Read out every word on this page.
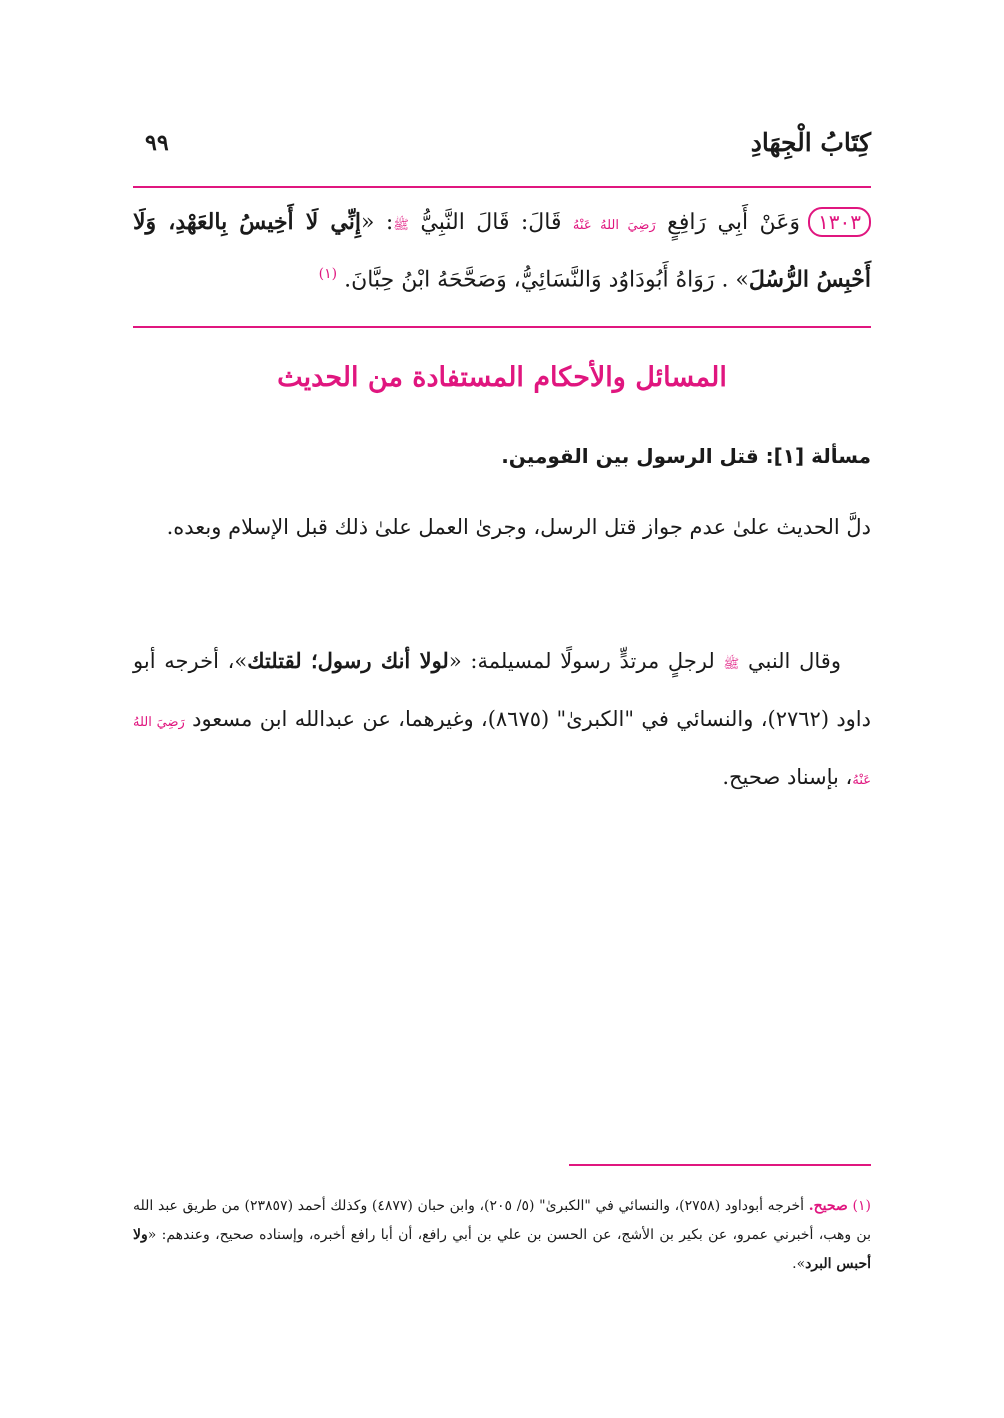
كِتَابُ الْجِهَادِ
٩٩
١٣٠٣وَعَنْ أَبِي رَافِعٍ رَضِيَ اللهُ عَنْهُ قَالَ: قَالَ النَّبِيُّ ﷺ: «إِنِّي لَا أَخِيسُ بِالعَهْدِ، وَلَا أَحْبِسُ الرُّسُلَ» . رَوَاهُ أَبُودَاوُد وَالنَّسَائِيُّ، وَصَحَّحَهُ ابْنُ حِبَّانَ. $^{(١)}$
المسائل والأحكام المستفادة من الحديث
مسألة [١]: قتل الرسول بين القومين.
دلَّ الحديث علىٰ عدم جواز قتل الرسل، وجرىٰ العمل علىٰ ذلك قبل الإسلام وبعده.
وقال النبي ﷺ لرجلٍ مرتدٍّ رسولًا لمسيلمة: «لولا أنك رسول؛ لقتلتك»، أخرجه أبو داود (٢٧٦٢)، والنسائي في "الكبرىٰ" (٨٦٧٥)، وغيرهما، عن عبدالله ابن مسعود رَضِيَ اللهُ عَنْهُ، بإسناد صحيح.
(١) صحيح. أخرجه أبوداود (٢٧٥٨)، والنسائي في "الكبرىٰ" (٥/ ٢٠٥)، وابن حبان (٤٨٧٧) وكذلك أحمد (٢٣٨٥٧) من طريق عبد الله بن وهب، أخبرني عمرو، عن بكير بن الأشج، عن الحسن بن علي بن أبي رافع، أن أبا رافع أخبره، وإسناده صحيح، وعندهم: «ولا أحبس البرد».
